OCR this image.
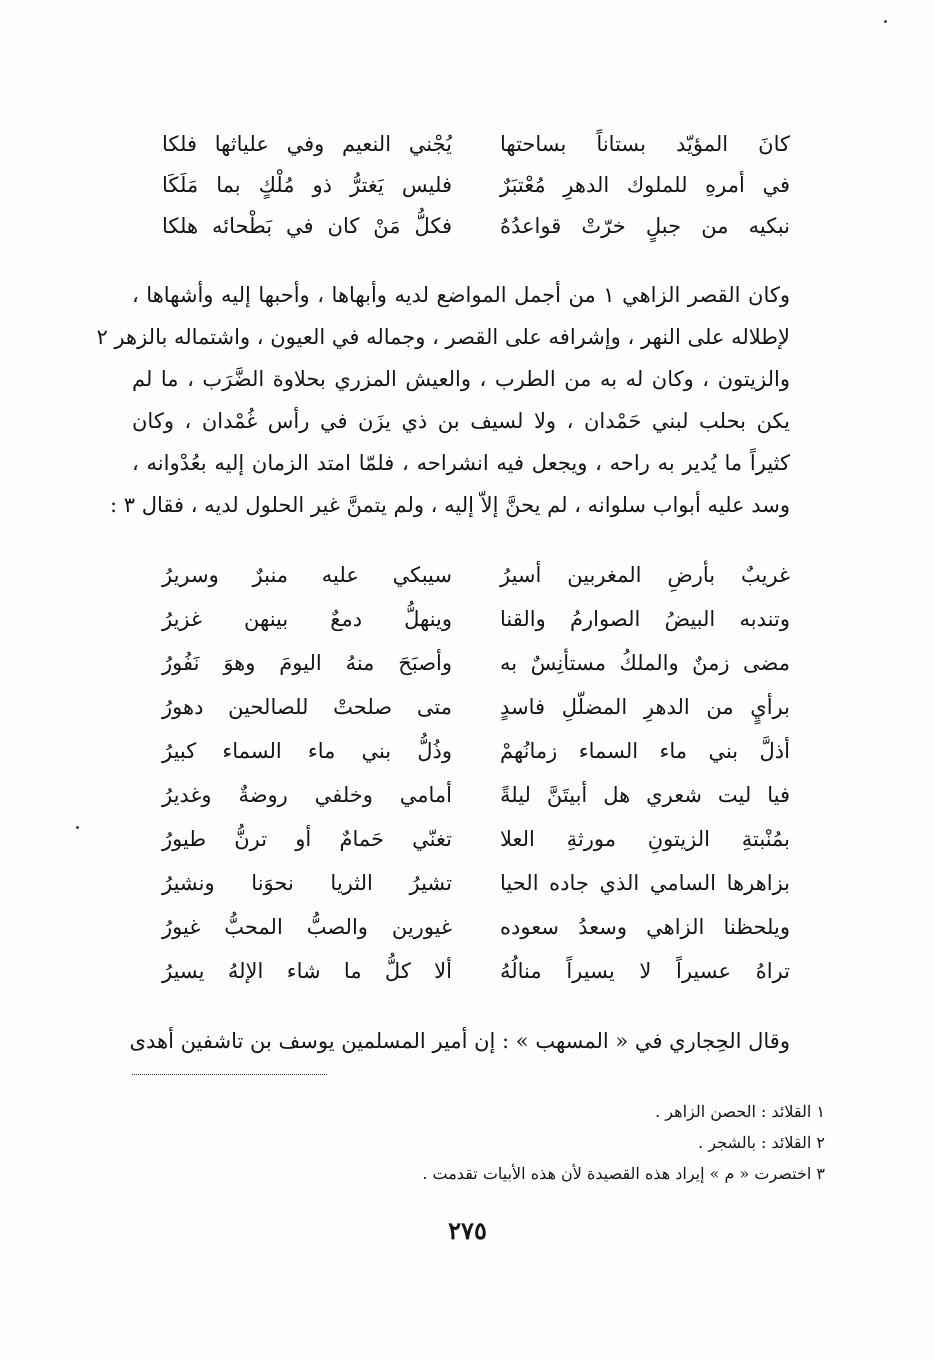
كانَ المؤيّد بستاناً بساحتها
يُجْني النعيم وفي علياثها فلكا
في أمرهِ للملوك الدهرِ مُعْتبَرٌ
فليس يَغترُّ ذو مُلْكٍ بما مَلَكَا
نبكيه من جبلٍ خرّتْ قواعدُهُ
فكلُّ مَنْ كان في بَطْحائه هلكا
وكان القصر الزاهي ١ من أجمل المواضع لديه وأبهاها ، وأحبها إليه وأشهاها ،
لإطلاله على النهر ، وإشرافه على القصر ، وجماله في العيون ، واشتماله بالزهر ٢
والزيتون ، وكان له به من الطرب ، والعيش المزري بحلاوة الضَّرَب ، ما لم
يكن بحلب لبني حَمْدان ، ولا لسيف بن ذي يزَن في رأس غُمْدان ، وكان
كثيراً ما يُدير به راحه ، ويجعل فيه انشراحه ، فلمّا امتد الزمان إليه بعُدْوانه ،
وسد عليه أبواب سلوانه ، لم يحنَّ إلاّ إليه ، ولم يتمنَّ غير الحلول لديه ، فقال ٣ :
غريبٌ بأرضِ المغربين أسيرُ
سيبكي عليه منبرٌ وسريرُ
وتندبه البيضُ الصوارمُ والقنا
وينهلُّ دمعٌ بينهن غزيرُ
مضى زمنٌ والملكُ مستأنِسٌ به
وأصبَحَ منهُ اليومَ وهوَ نَفُورُ
برأيٍ من الدهرِ المضلّلِ فاسدٍ
متى صلحتْ للصالحين دهورُ
أذلَّ بني ماء السماء زمانُهمْ
وذُلُّ بني ماء السماء كبيرُ
فيا ليت شعري هل أبيتَنَّ ليلةً
أمامي وخلفي روضةٌ وغديرُ
بمُنْبتةِ الزيتونِ مورثةِ العلا
تغنّي حَمامٌ أو ترنُّ طيورُ
بزاهرها السامي الذي جاده الحيا
تشيرُ الثريا نحوَنا ونشيرُ
ويلحظنا الزاهي وسعدُ سعوده
غيورين والصبُّ المحبُّ غيورُ
تراهُ عسيراً لا يسيراً منالُهُ
ألا كلُّ ما شاء الإلهُ يسيرُ
وقال الحِجاري في « المسهب » : إن أمير المسلمين يوسف بن تاشفين أهدى
١ القلائد : الحصن الزاهر .
٢ القلائد : بالشجر .
٣ اختصرت « م » إيراد هذه القصيدة لأن هذه الأبيات تقدمت .
٢٧٥
